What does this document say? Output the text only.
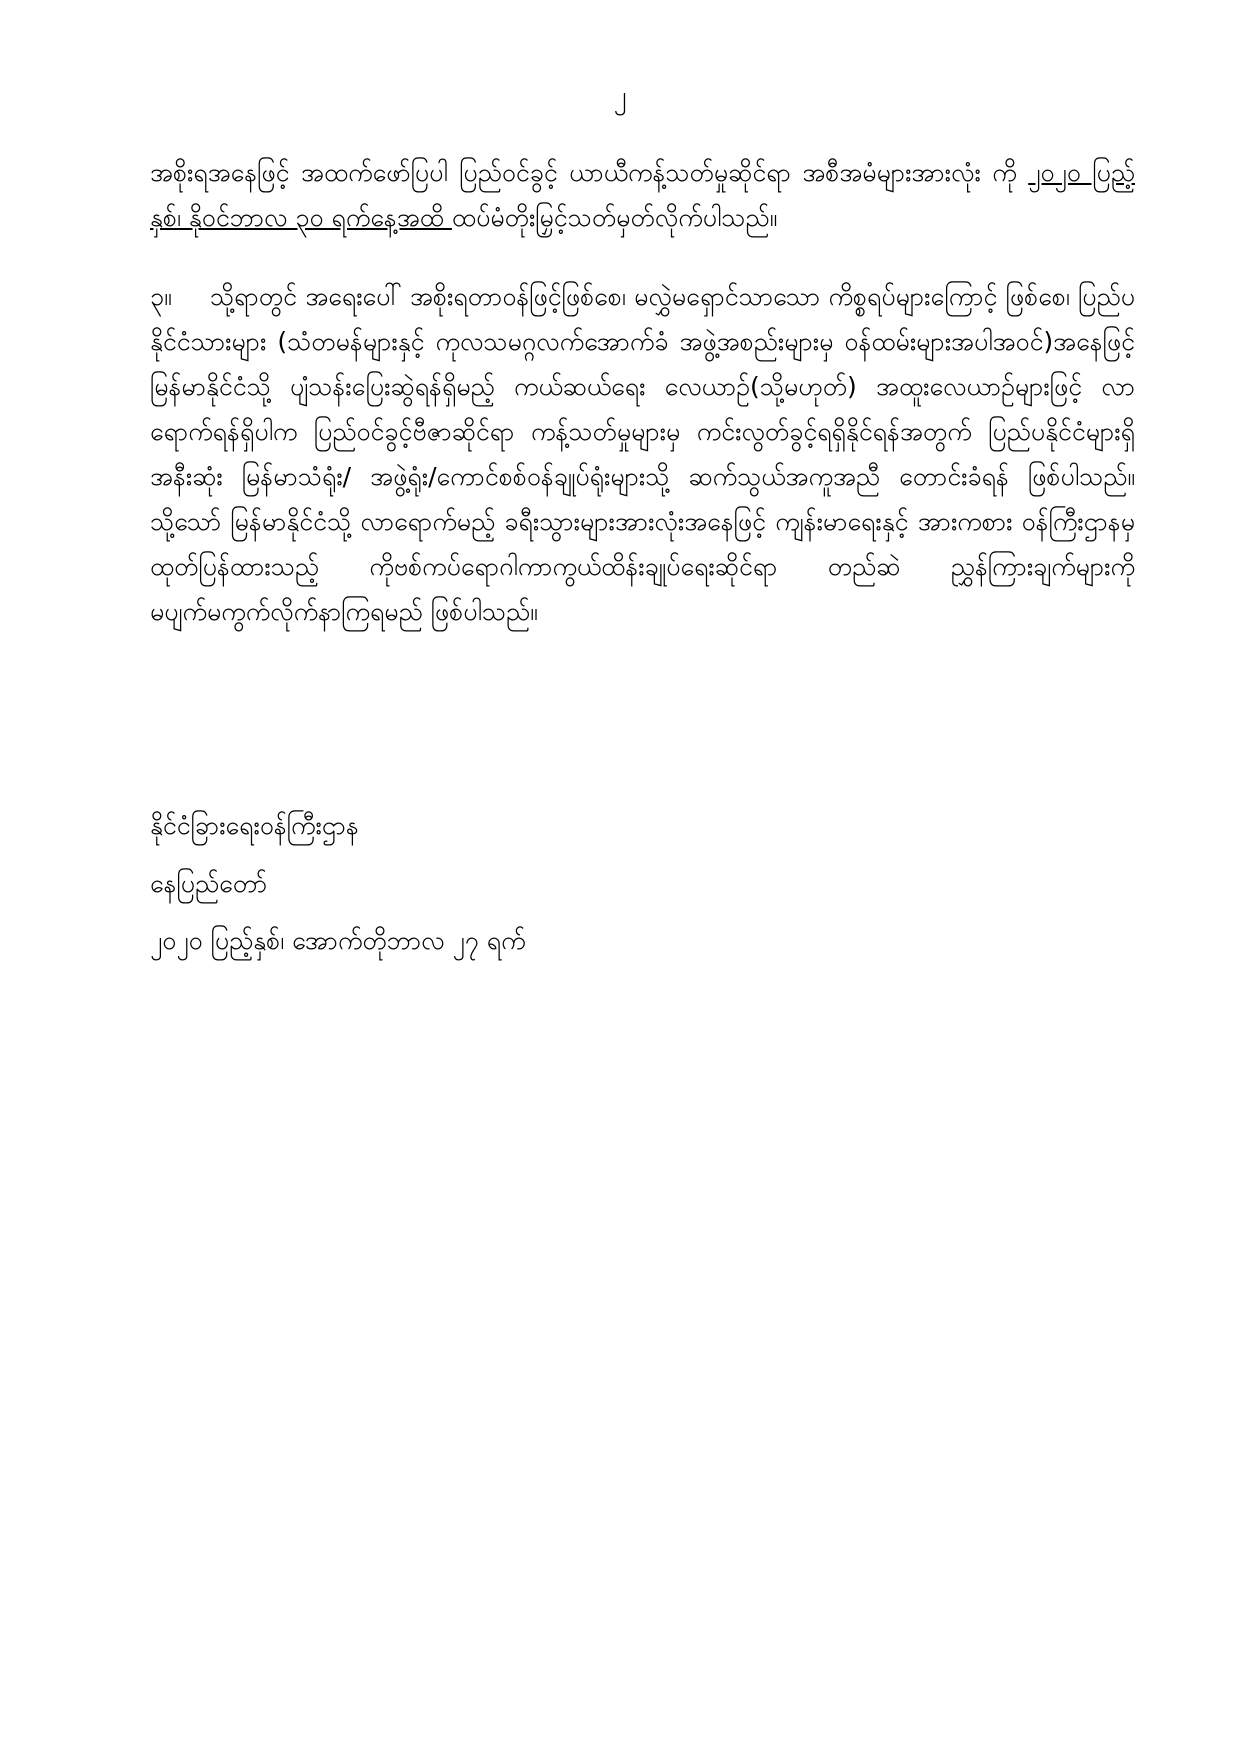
၂
အစိုးရအနေဖြင့် အထက်ဖော်ပြပါ ပြည်ဝင်ခွင့် ယာယီကန့်သတ်မှုဆိုင်ရာ အစီအမံများအားလုံး ကို ၂၀၂၀ ပြည့်နှစ်၊ နိုဝင်ဘာလ ၃၀ ရက်နေ့အထိ ထပ်မံတိုးမြှင့်သတ်မှတ်လိုက်ပါသည်။
၃။ သို့ရာတွင် အရေးပေါ် အစိုးရတာဝန်ဖြင့်ဖြစ်စေ၊ မလွှဲမရှောင်သာသော ကိစ္စရပ်များကြောင့် ဖြစ်စေ၊ ပြည်ပနိုင်ငံသားများ (သံတမန်များနှင့် ကုလသမဂ္ဂလက်အောက်ခံ အဖွဲ့အစည်းများမှ ဝန်ထမ်းများအပါအဝင်)အနေဖြင့် မြန်မာနိုင်ငံသို့ ပျံသန်းပြေးဆွဲရန်ရှိမည့် ကယ်ဆယ်ရေး လေယာဉ်(သို့မဟုတ်) အထူးလေယာဉ်များဖြင့် လာရောက်ရန်ရှိပါက ပြည်ဝင်ခွင့်ဗီဇာဆိုင်ရာ ကန့်သတ်မှုများမှ ကင်းလွတ်ခွင့်ရရှိနိုင်ရန်အတွက် ပြည်ပနိုင်ငံများရှိ အနီးဆုံး မြန်မာသံရုံး/ အဖွဲ့ရုံး/ကောင်စစ်ဝန်ချုပ်ရုံးများသို့ ဆက်သွယ်အကူအညီ တောင်းခံရန် ဖြစ်ပါသည်။ သို့သော် မြန်မာနိုင်ငံသို့ လာရောက်မည့် ခရီးသွားများအားလုံးအနေဖြင့် ကျန်းမာရေးနှင့် အားကစား ဝန်ကြီးဌာနမှ ထုတ်ပြန်ထားသည့် ကိုဗစ်ကပ်ရောဂါကာကွယ်ထိန်းချုပ်ရေးဆိုင်ရာ တည်ဆဲ ညွှန်ကြားချက်များကို မပျက်မကွက်လိုက်နာကြရမည် ဖြစ်ပါသည်။
နိုင်ငံခြားရေးဝန်ကြီးဌာန
နေပြည်တော်
၂၀၂၀ ပြည့်နှစ်၊ အောက်တိုဘာလ ၂၇ ရက်
